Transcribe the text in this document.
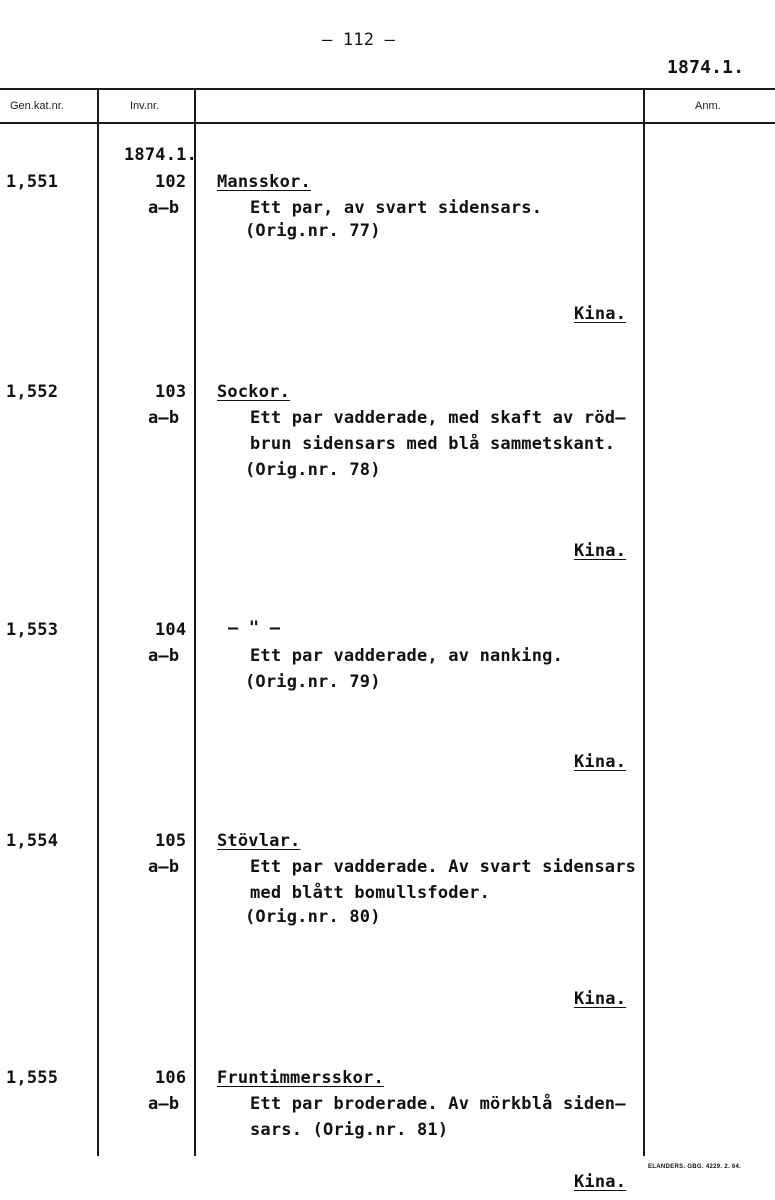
– 112 –
1874.1.
Gen.kat.nr.	Inv.nr.	Anm.
1874.1.
1,551	102
a–b
Mansskor.
Ett par, av svart sidensars.
(Orig.nr. 77)
Kina.
1,552	103
a–b
Sockor.
Ett par vadderade, med skaft av röd–
brun sidensars med blå sammetskant.
(Orig.nr. 78)
Kina.
1,553	104
a–b
– " –
Ett par vadderade, av nanking.
(Orig.nr. 79)
Kina.
1,554	105
a–b
Stövlar.
Ett par vadderade. Av svart sidensars
med blått bomullsfoder.
(Orig.nr. 80)
Kina.
1,555	106
a–b
Fruntimmersskor.
Ett par broderade. Av mörkblå siden–
sars. (Orig.nr. 81)
Kina.
ELANDERS. GBG. 4229. 2. 64.
